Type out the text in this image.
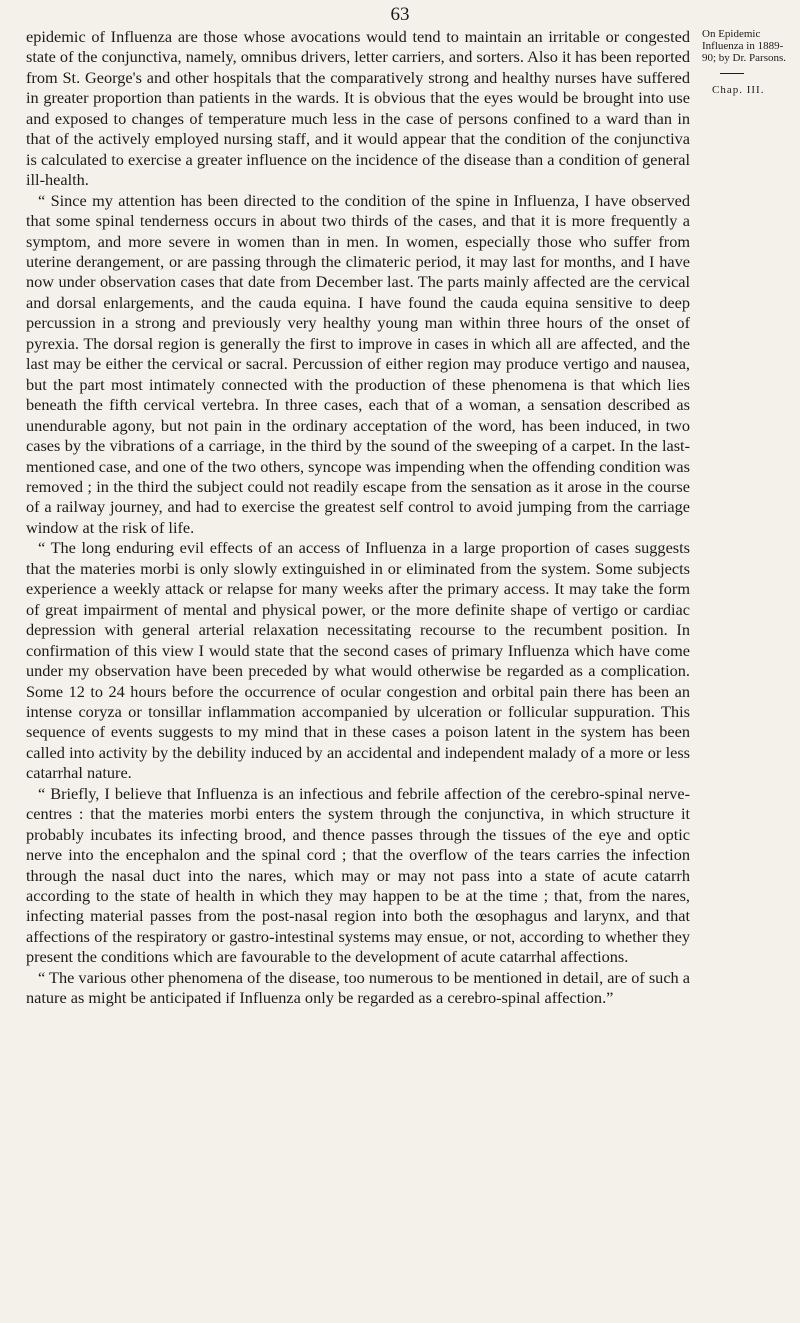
63
On Epidemic Influenza in 1889-90; by Dr. Parsons.
Chap. III.

epidemic of Influenza are those whose avocations would tend to maintain an irritable or congested state of the conjunctiva, namely, omnibus drivers, letter carriers, and sorters. Also it has been reported from St. George's and other hospitals that the comparatively strong and healthy nurses have suffered in greater proportion than patients in the wards. It is obvious that the eyes would be brought into use and exposed to changes of temperature much less in the case of persons confined to a ward than in that of the actively employed nursing staff, and it would appear that the condition of the conjunctiva is calculated to exercise a greater influence on the incidence of the disease than a condition of general ill-health.

“ Since my attention has been directed to the condition of the spine in Influenza, I have observed that some spinal tenderness occurs in about two thirds of the cases, and that it is more frequently a symptom, and more severe in women than in men. In women, especially those who suffer from uterine derangement, or are passing through the climateric period, it may last for months, and I have now under observation cases that date from December last. The parts mainly affected are the cervical and dorsal enlargements, and the cauda equina. I have found the cauda equina sensitive to deep percussion in a strong and previously very healthy young man within three hours of the onset of pyrexia. The dorsal region is generally the first to improve in cases in which all are affected, and the last may be either the cervical or sacral. Percussion of either region may produce vertigo and nausea, but the part most intimately connected with the production of these phenomena is that which lies beneath the fifth cervical vertebra. In three cases, each that of a woman, a sensation described as unendurable agony, but not pain in the ordinary acceptation of the word, has been induced, in two cases by the vibrations of a carriage, in the third by the sound of the sweeping of a carpet. In the last-mentioned case, and one of the two others, syncope was impending when the offending condition was removed ; in the third the subject could not readily escape from the sensation as it arose in the course of a railway journey, and had to exercise the greatest self control to avoid jumping from the carriage window at the risk of life.

“ The long enduring evil effects of an access of Influenza in a large proportion of cases suggests that the materies morbi is only slowly extinguished in or eliminated from the system. Some subjects experience a weekly attack or relapse for many weeks after the primary access. It may take the form of great impairment of mental and physical power, or the more definite shape of vertigo or cardiac depression with general arterial relaxation necessitating recourse to the recumbent position. In confirmation of this view I would state that the second cases of primary Influenza which have come under my observation have been preceded by what would otherwise be regarded as a complication. Some 12 to 24 hours before the occurrence of ocular congestion and orbital pain there has been an intense coryza or tonsillar inflammation accompanied by ulceration or follicular suppuration. This sequence of events suggests to my mind that in these cases a poison latent in the system has been called into activity by the debility induced by an accidental and independent malady of a more or less catarrhal nature.

“ Briefly, I believe that Influenza is an infectious and febrile affection of the cerebro-spinal nerve-centres : that the materies morbi enters the system through the conjunctiva, in which structure it probably incubates its infecting brood, and thence passes through the tissues of the eye and optic nerve into the encephalon and the spinal cord ; that the overflow of the tears carries the infection through the nasal duct into the nares, which may or may not pass into a state of acute catarrh according to the state of health in which they may happen to be at the time ; that, from the nares, infecting material passes from the post-nasal region into both the œsophagus and larynx, and that affections of the respiratory or gastro-intestinal systems may ensue, or not, according to whether they present the conditions which are favourable to the development of acute catarrhal affections.

“ The various other phenomena of the disease, too numerous to be mentioned in detail, are of such a nature as might be anticipated if Influenza only be regarded as a cerebro-spinal affection.”
